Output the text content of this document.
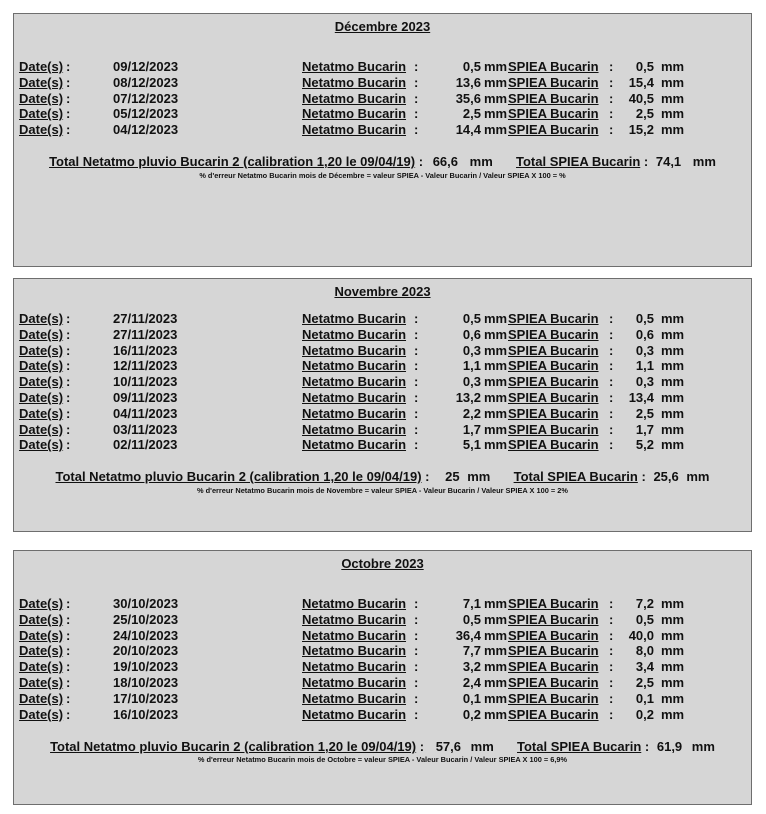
Décembre 2023
Date(s) :	09/12/2023	Netatmo Bucarin :	0,5 mm SPIEA Bucarin :	0,5 mm
Date(s) :	08/12/2023	Netatmo Bucarin :	13,6 mm SPIEA Bucarin :	15,4 mm
Date(s) :	07/12/2023	Netatmo Bucarin :	35,6 mm SPIEA Bucarin :	40,5 mm
Date(s) :	05/12/2023	Netatmo Bucarin :	2,5 mm SPIEA Bucarin :	2,5 mm
Date(s) :	04/12/2023	Netatmo Bucarin :	14,4 mm SPIEA Bucarin :	15,2 mm
Total Netatmo pluvio Bucarin 2 (calibration 1,20 le 09/04/19) : 66,6 mm Total SPIEA Bucarin : 74,1 mm
% d'erreur Netatmo Bucarin mois de Décembre = valeur SPIEA - Valeur Bucarin / Valeur SPIEA X 100 = %
Novembre 2023
Date(s) :	27/11/2023	Netatmo Bucarin :	0,5 mm SPIEA Bucarin :	0,5 mm
Date(s) :	27/11/2023	Netatmo Bucarin :	0,6 mm SPIEA Bucarin :	0,6 mm
Date(s) :	16/11/2023	Netatmo Bucarin :	0,3 mm SPIEA Bucarin :	0,3 mm
Date(s) :	12/11/2023	Netatmo Bucarin :	1,1 mm SPIEA Bucarin :	1,1 mm
Date(s) :	10/11/2023	Netatmo Bucarin :	0,3 mm SPIEA Bucarin :	0,3 mm
Date(s) :	09/11/2023	Netatmo Bucarin :	13,2 mm SPIEA Bucarin :	13,4 mm
Date(s) :	04/11/2023	Netatmo Bucarin :	2,2 mm SPIEA Bucarin :	2,5 mm
Date(s) :	03/11/2023	Netatmo Bucarin :	1,7 mm SPIEA Bucarin :	1,7 mm
Date(s) :	02/11/2023	Netatmo Bucarin :	5,1 mm SPIEA Bucarin :	5,2 mm
Total Netatmo pluvio Bucarin 2 (calibration 1,20 le 09/04/19) : 25 mm Total SPIEA Bucarin : 25,6 mm
% d'erreur Netatmo Bucarin mois de Novembre = valeur SPIEA - Valeur Bucarin / Valeur SPIEA X 100 = 2%
Octobre 2023
Date(s) :	30/10/2023	Netatmo Bucarin :	7,1 mm SPIEA Bucarin :	7,2 mm
Date(s) :	25/10/2023	Netatmo Bucarin :	0,5 mm SPIEA Bucarin :	0,5 mm
Date(s) :	24/10/2023	Netatmo Bucarin :	36,4 mm SPIEA Bucarin :	40,0 mm
Date(s) :	20/10/2023	Netatmo Bucarin :	7,7 mm SPIEA Bucarin :	8,0 mm
Date(s) :	19/10/2023	Netatmo Bucarin :	3,2 mm SPIEA Bucarin :	3,4 mm
Date(s) :	18/10/2023	Netatmo Bucarin :	2,4 mm SPIEA Bucarin :	2,5 mm
Date(s) :	17/10/2023	Netatmo Bucarin :	0,1 mm SPIEA Bucarin :	0,1 mm
Date(s) :	16/10/2023	Netatmo Bucarin :	0,2 mm SPIEA Bucarin :	0,2 mm
Total Netatmo pluvio Bucarin 2 (calibration 1,20 le 09/04/19) : 57,6 mm Total SPIEA Bucarin : 61,9 mm
% d'erreur Netatmo Bucarin mois de Octobre = valeur SPIEA - Valeur Bucarin / Valeur SPIEA X 100 = 6,9%
